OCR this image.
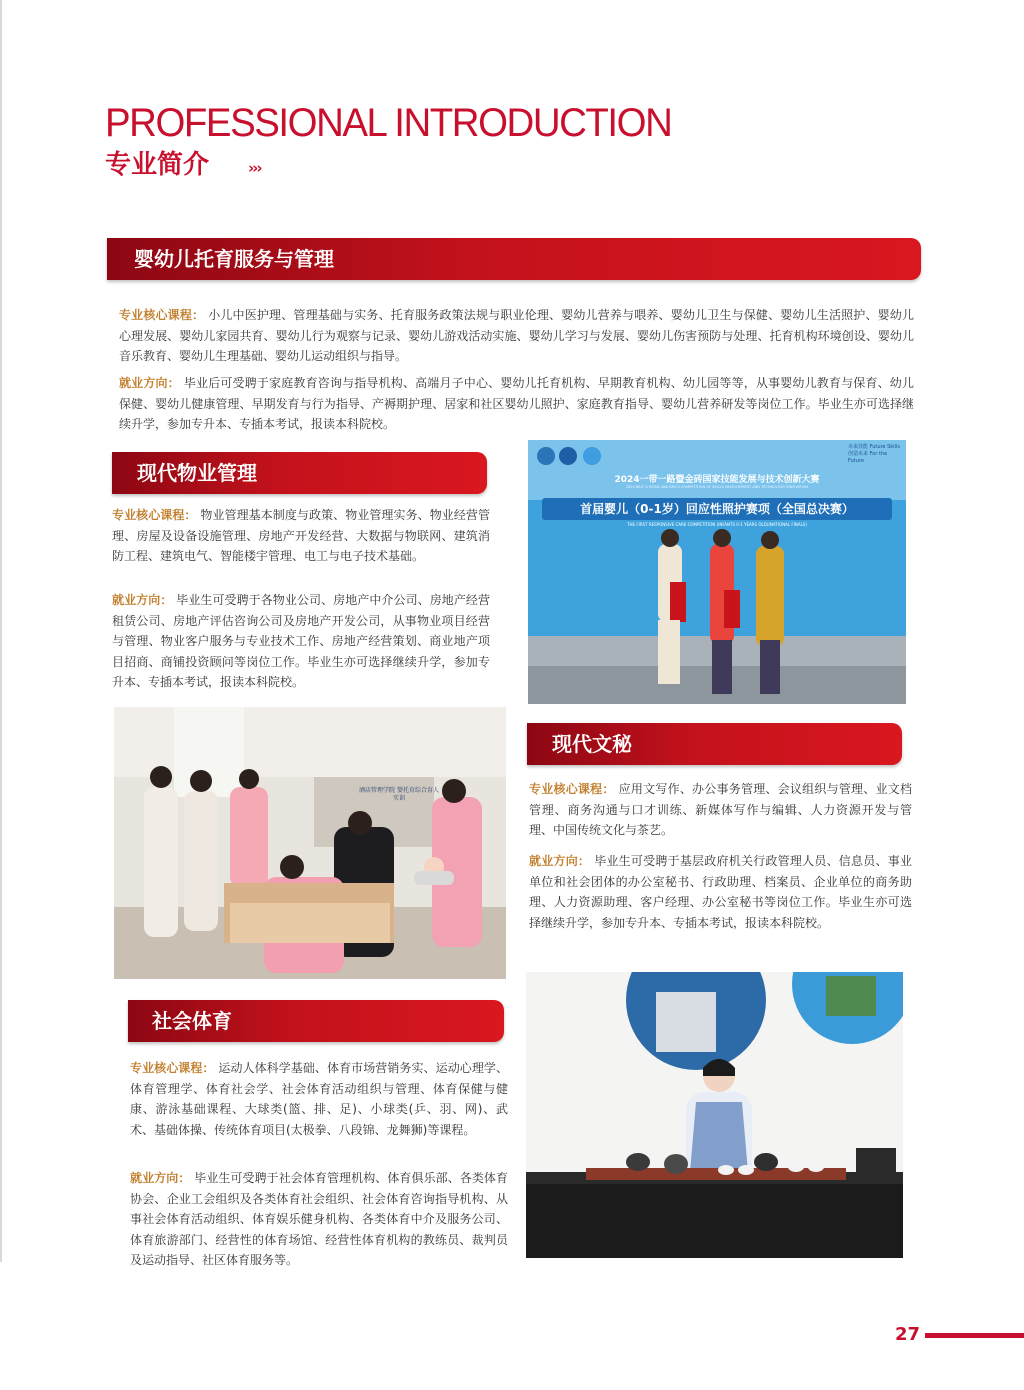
PROFESSIONAL INTRODUCTION
专业简介	›››
婴幼儿托育服务与管理
专业核心课程： 小儿中医护理、管理基础与实务、托育服务政策法规与职业伦理、婴幼儿营养与喂养、婴幼儿卫生与保健、婴幼儿生活照护、婴幼儿心理发展、婴幼儿家园共育、婴幼儿行为观察与记录、婴幼儿游戏活动实施、婴幼儿学习与发展、婴幼儿伤害预防与处理、托育机构环境创设、婴幼儿音乐教育、婴幼儿生理基础、婴幼儿运动组织与指导。
就业方向： 毕业后可受聘于家庭教育咨询与指导机构、高端月子中心、婴幼儿托育机构、早期教育机构、幼儿园等等，从事婴幼儿教育与保育、幼儿保健、婴幼儿健康管理、早期发育与行为指导、产褥期护理、居家和社区婴幼儿照护、家庭教育指导、婴幼儿营养研发等岗位工作。毕业生亦可选择继续升学，参加专升本、专插本考试，报读本科院校。
现代物业管理
专业核心课程： 物业管理基本制度与政策、物业管理实务、物业经营管理、房屋及设备设施管理、房地产开发经营、大数据与物联网、建筑消防工程、建筑电气、智能楼宇管理、电工与电子技术基础。
就业方向： 毕业生可受聘于各物业公司、房地产中介公司、房地产经营租赁公司、房地产评估咨询公司及房地产开发公司，从事物业项目经营与管理、物业客户服务与专业技术工作、房地产经营策划、商业地产项目招商、商铺投资顾问等岗位工作。毕业生亦可选择继续升学，参加专升本、专插本考试，报读本科院校。
2024一带一路暨金砖国家技能发展与技术创新大赛
2024 BELT & ROAD AND BRICS COMPETITION OF SKILLS DEVELOPMENT AND TECHNOLOGY INNOVATION
首届婴儿（0-1岁）回应性照护赛项（全国总决赛）
THE FIRST RESPONSIVE CARE COMPETITION (INFANTS 0-1 YEARS OLD)(NATIONAL FINALS)
未来技能 Future Skills 创造未来 For the Future
酒店管理学院 婴托育综合育人实训
现代文秘
专业核心课程： 应用文写作、办公事务管理、会议组织与管理、业文档管理、商务沟通与口才训练、新媒体写作与编辑、人力资源开发与管理、中国传统文化与茶艺。
就业方向： 毕业生可受聘于基层政府机关行政管理人员、信息员、事业单位和社会团体的办公室秘书、行政助理、档案员、企业单位的商务助理、人力资源助理、客户经理、办公室秘书等岗位工作。毕业生亦可选择继续升学，参加专升本、专插本考试，报读本科院校。
社会体育
专业核心课程： 运动人体科学基础、体育市场营销务实、运动心理学、体育管理学、体育社会学、社会体育活动组织与管理、体育保健与健康、游泳基础课程、大球类(篮、排、足)、小球类(乒、羽、网)、武术、基础体操、传统体育项目(太极拳、八段锦、龙舞狮)等课程。
就业方向： 毕业生可受聘于社会体育管理机构、体育俱乐部、各类体育协会、企业工会组织及各类体育社会组织、社会体育咨询指导机构、从事社会体育活动组织、体育娱乐健身机构、各类体育中介及服务公司、体育旅游部门、经营性的体育场馆、经营性体育机构的教练员、裁判员及运动指导、社区体育服务等。
27
